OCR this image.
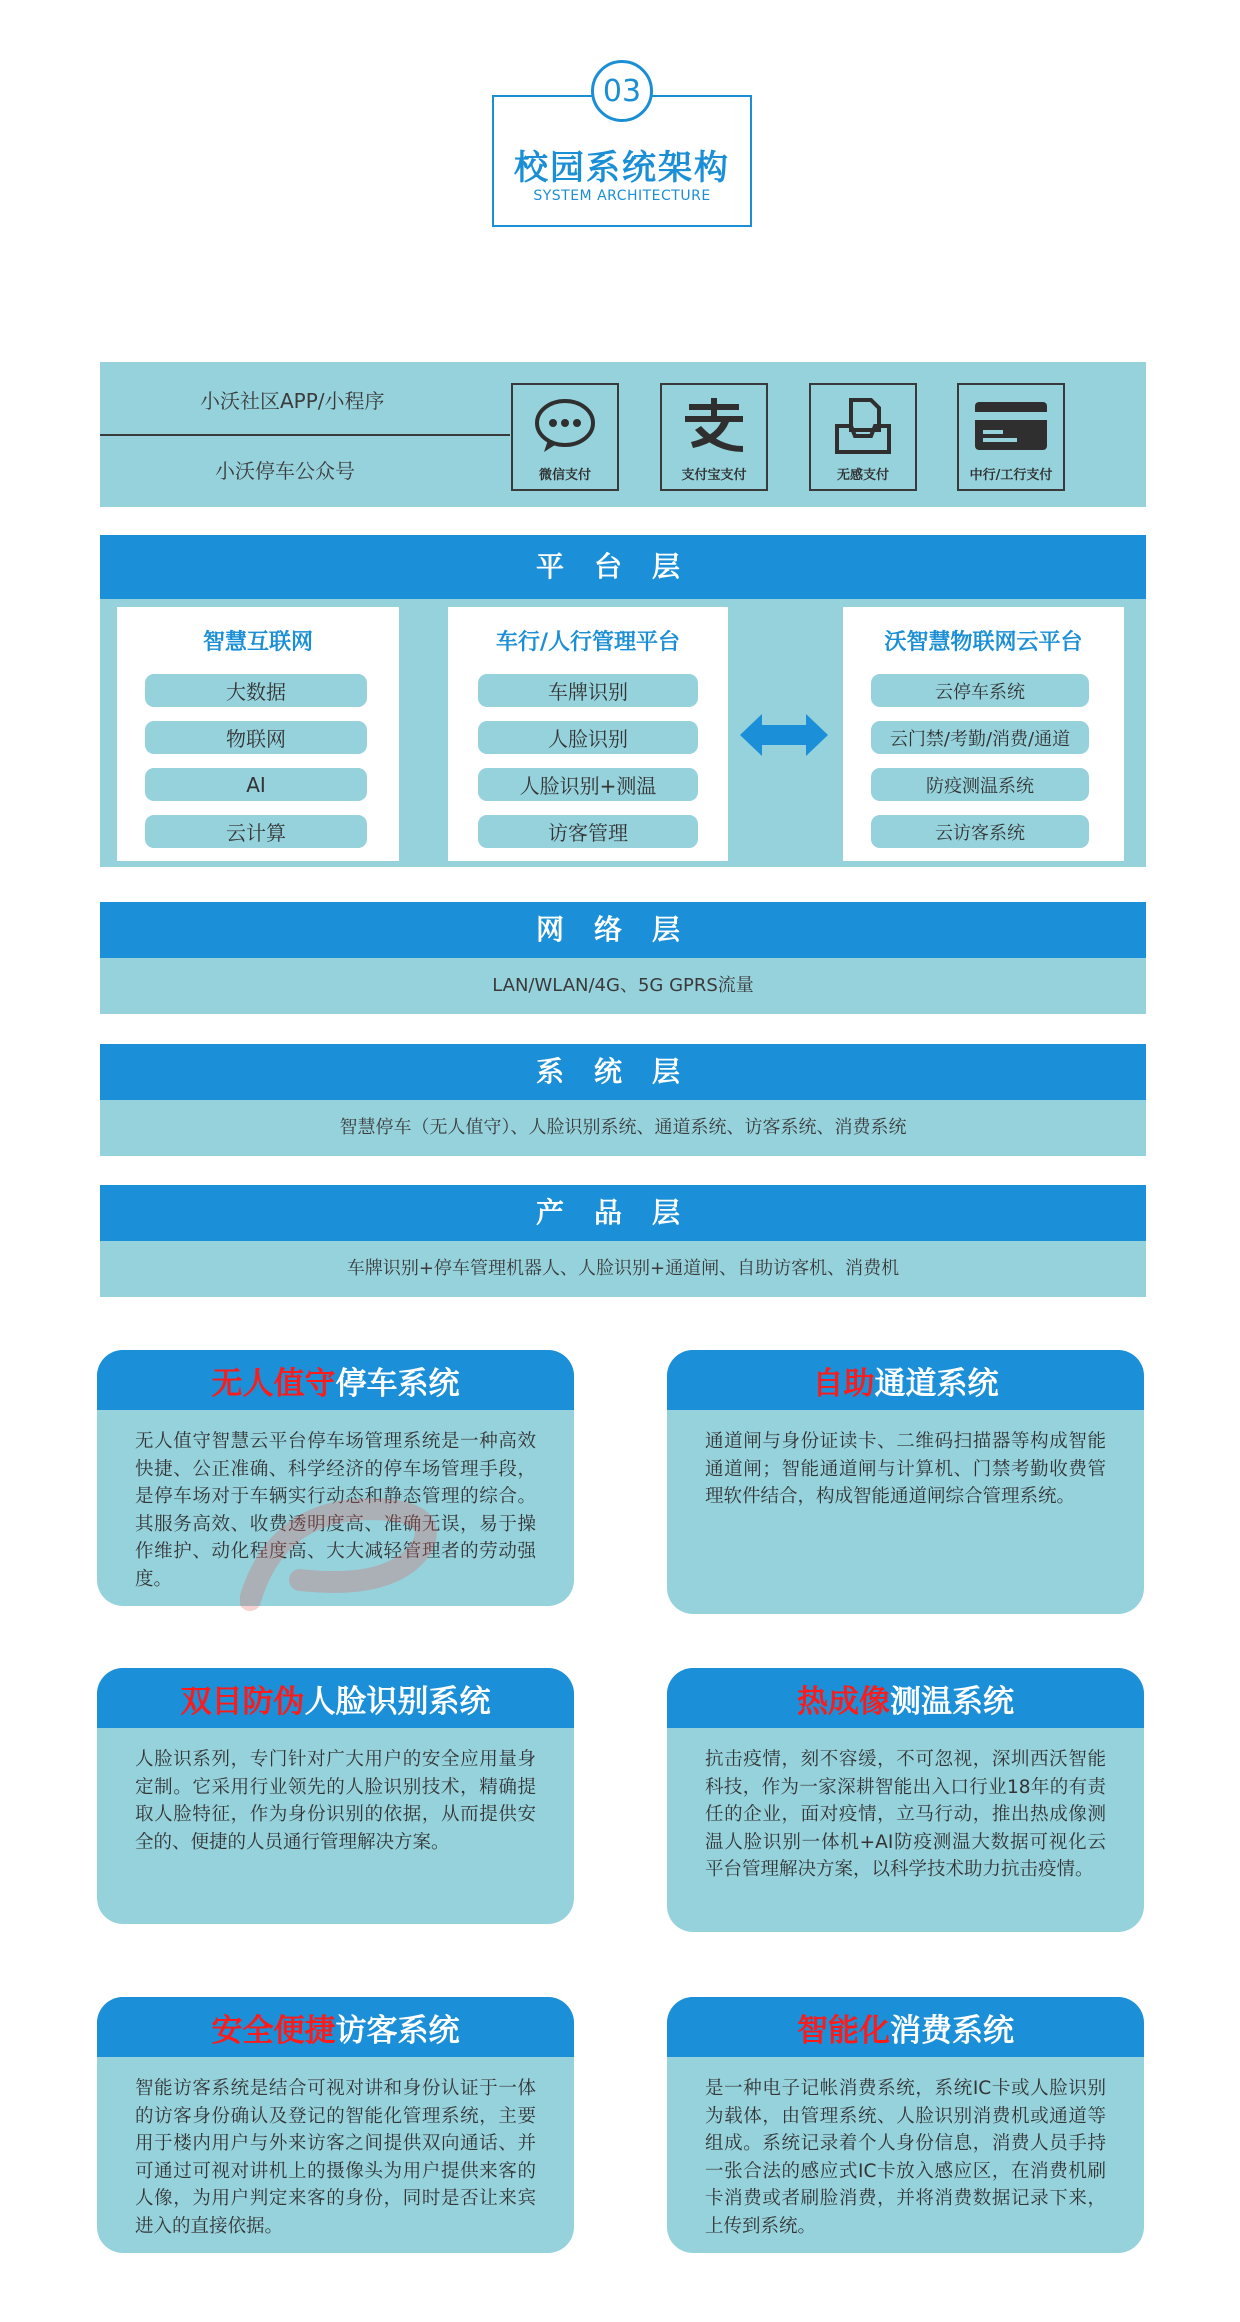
03
校园系统架构
SYSTEM ARCHITECTURE
小沃社区APP/小程序
小沃停车公众号	微信支付	支付宝支付	无感支付	中行/工行支付
平台层
智慧互联网
大数据
物联网
AI
云计算
车行/人行管理平台
车牌识别
人脸识别
人脸识别+测温
访客管理
沃智慧物联网云平台
云停车系统
云门禁/考勤/消费/通道
防疫测温系统
云访客系统
网络层
LAN/WLAN/4G、5G GPRS流量
系统层
智慧停车（无人值守）、人脸识别系统、通道系统、访客系统、消费系统
产品层
车牌识别+停车管理机器人、人脸识别+通道闸、自助访客机、消费机
无人值守 停车系统
无人值守智慧云平台停车场管理系统是一种高效快捷、公正准确、科学经济的停车场管理手段，是停车场对于车辆实行动态和静态管理的综合。其服务高效、收费透明度高、准确无误，易于操作维护、动化程度高、大大减轻管理者的劳动强度。
自助 通道系统
通道闸与身份证读卡、二维码扫描器等构成智能通道闸；智能通道闸与计算机、门禁考勤收费管理软件结合，构成智能通道闸综合管理系统。
双目防伪 人脸识别系统
人脸识系列，专门针对广大用户的安全应用量身定制。它采用行业领先的人脸识别技术，精确提取人脸特征，作为身份识别的依据，从而提供安全的、便捷的人员通行管理解决方案。
热成像 测温系统
抗击疫情，刻不容缓，不可忽视，深圳西沃智能科技，作为一家深耕智能出入口行业18年的有责任的企业，面对疫情，立马行动，推出热成像测温人脸识别一体机+AI防疫测温大数据可视化云平台管理解决方案，以科学技术助力抗击疫情。
安全便捷 访客系统
智能访客系统是结合可视对讲和身份认证于一体的访客身份确认及登记的智能化管理系统，主要用于楼内用户与外来访客之间提供双向通话、并可通过可视对讲机上的摄像头为用户提供来客的人像，为用户判定来客的身份，同时是否让来宾进入的直接依据。
智能化 消费系统
是一种电子记帐消费系统，系统IC卡或人脸识别为载体，由管理系统、人脸识别消费机或通道等组成。系统记录着个人身份信息，消费人员手持一张合法的感应式IC卡放入感应区，在消费机刷卡消费或者刷脸消费，并将消费数据记录下来，上传到系统。
